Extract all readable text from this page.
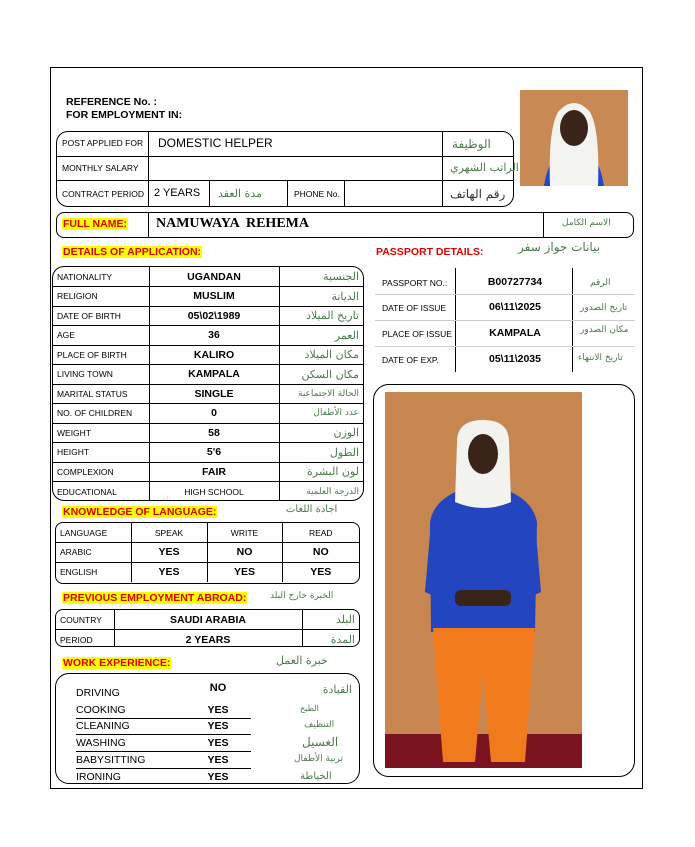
REFERENCE No. :
FOR EMPLOYMENT IN:
POST APPLIED FOR DOMESTIC HELPER	الوظيفة
MONTHLY SALARY	الراتب الشهري
CONTRACT PERIOD 2 YEARS مدة العقد	PHONE No.	رقم الهاتف
FULL NAME: NAMUWAYA  REHEMA	الاسم الكامل
DETAILS OF APPLICATION:
NATIONALITY	UGANDAN	الجنسية
RELIGION	MUSLIM	الديانة
DATE OF BIRTH	05\02\1989	تاريخ الميلاد
AGE	36	العمر
PLACE OF BIRTH	KALIRO	مكان الميلاد
LIVING TOWN	KAMPALA	مكان السكن
MARITAL STATUS	SINGLE	الحالة الاجتماعية
NO. OF CHILDREN	0	عدد الأطفال
WEIGHT	58	الوزن
HEIGHT	5'6	الطول
COMPLEXION	FAIR	لون البشرة
EDUCATIONAL	HIGH SCHOOL	الدرجة العلمية
PASSPORT DETAILS:	بيانات جواز سفر
PASSPORT NO.:	B00727734	الرقم
DATE OF ISSUE	06\11\2025	تاريخ الصدور
PLACE OF ISSUE	KAMPALA	مكان الصدور
DATE OF EXP.	05\11\2035	تاريخ الانتهاء
KNOWLEDGE OF LANGUAGE:	اجادة اللغات
LANGUAGE	SPEAK	WRITE	READ
ARABIC	YES	NO	NO
ENGLISH	YES	YES	YES
PREVIOUS EMPLOYMENT ABROAD:	الخبرة خارج البلد
COUNTRY	SAUDI ARABIA	البلد
PERIOD	2 YEARS	المدة
WORK EXPERIENCE:	خبرة العمل
DRIVING	NO	القيادة
COOKING	YES	الطبخ
CLEANING	YES	التنظيف
WASHING	YES	الغسيل
BABYSITTING	YES	تربية الأطفال
IRONING	YES	الخياطة
